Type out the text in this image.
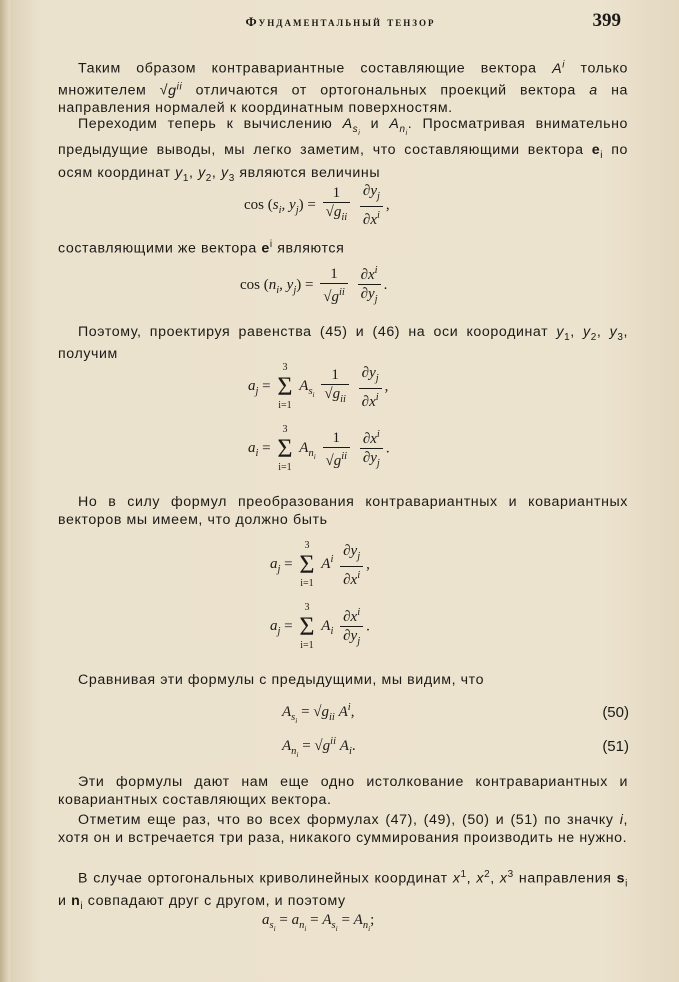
Фундаментальный тензор	399

Таким образом контравариантные составляющие вектора $A^i$ только множителем $√g^{ii}$ отличаются от ортогональных проекций вектора a на направления нормалей к координатным поверхностям.

Переходим теперь к вычислению $A_{s_i}$ и $A_{n_i}$. Просматривая внимательно предыдущие выводы, мы легко заметим, что составляющими вектора $e_i$ по осям координат $y_1$, $y_2$, $y_3$ являются величины

$\cos (s_i$, $y_j) = \frac{1}{√g_{ii}}$
$\frac{\partial y_j}{\partial x^i}$ ,

составляющими же вектора $e^i$ являются

$\cos (n_i$, $y_j) = \frac{1}{√g^{ii}}$
$\frac{\partial x^i}{\partial y_j}$ .

Поэтому, проектируя равенства (45) и (46) на оси коородинат $y_1$, $y_2$, $y_3$, получим

$a_j$ =
3
Σ
i=1
$A_{s_i} \frac{1}{√g_{ii}}$
$\frac{\partial y_j}{\partial x^i}$ ,
$a_i$ =
3
Σ
i=1
$A_{n_i} \frac{1}{√g^{ii}}$
$\frac{\partial x^i}{\partial y_j}$ .

Но в силу формул преобразования контравариантных и ковариантных векторов мы имеем, что должно быть

$a_j$ =
3
Σ
i=1
$A^i \frac{\partial y_j}{\partial x^i}$ ,
$a_j$ =
3
Σ
i=1
$A_i \frac{\partial x^i}{\partial y_j}$ .

Сравнивая эти формулы с предыдущими, мы видим, что

$A_{s_i} = √g_{ii}$ $A^i$,	(50)
$A_{n_i} = √g^{ii}$ $A_i$.	(51)

Эти формулы дают нам еще одно истолкование контравариантных и ковариантных составляющих вектора.

Отметим еще раз, что во всех формулах (47), (49), (50) и (51) по значку i, хотя он и встречается три раза, никакого суммирования производить не нужно.

В случае ортогональных криволинейных координат $x^1$, $x^2$, $x^3$ направления $s_i$ и $n_i$ совпадают друг с другом, и поэтому

$a_{s_i} = a_{n_i} = A_{s_i} = A_{n_i}$;
